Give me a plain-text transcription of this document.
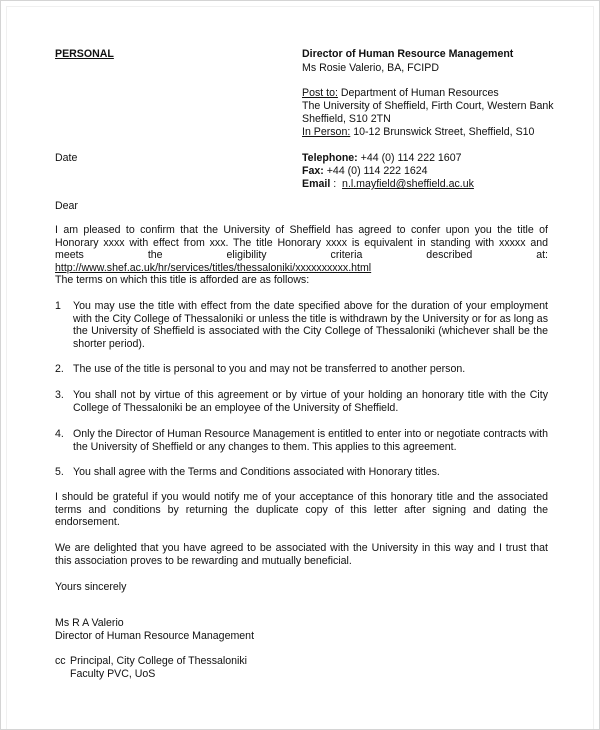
PERSONAL
Date
Director of Human Resource Management
Ms Rosie Valerio, BA, FCIPD
Post to: Department of Human Resources
The University of Sheffield, Firth Court, Western Bank
Sheffield, S10 2TN
In Person: 10-12 Brunswick Street, Sheffield, S10
Telephone: +44 (0) 114 222 1607
Fax: +44 (0) 114 222 1624
Email :  n.l.mayfield@sheffield.ac.uk
Dear
I am pleased to confirm that the University of Sheffield has agreed to confer upon you the title of Honorary xxxx with effect from xxx. The title Honorary xxxx is equivalent in standing with xxxxx and meets the eligibility criteria described at: http://www.shef.ac.uk/hr/services/titles/thessaloniki/xxxxxxxxxx.html
The terms on which this title is afforded are as follows:
1 You may use the title with effect from the date specified above for the duration of your employment with the City College of Thessaloniki or unless the title is withdrawn by the University or for as long as the University of Sheffield is associated with the City College of Thessaloniki (whichever shall be the shorter period).
2. The use of the title is personal to you and may not be transferred to another person.
3. You shall not by virtue of this agreement or by virtue of your holding an honorary title with the City College of Thessaloniki be an employee of the University of Sheffield.
4. Only the Director of Human Resource Management is entitled to enter into or negotiate contracts with the University of Sheffield or any changes to them. This applies to this agreement.
5. You shall agree with the Terms and Conditions associated with Honorary titles.
I should be grateful if you would notify me of your acceptance of this honorary title and the associated terms and conditions by returning the duplicate copy of this letter after signing and dating the endorsement.
We are delighted that you have agreed to be associated with the University in this way and I trust that this association proves to be rewarding and mutually beneficial.
Yours sincerely
Ms R A Valerio
Director of Human Resource Management
cc Principal, City College of Thessaloniki
Faculty PVC, UoS
